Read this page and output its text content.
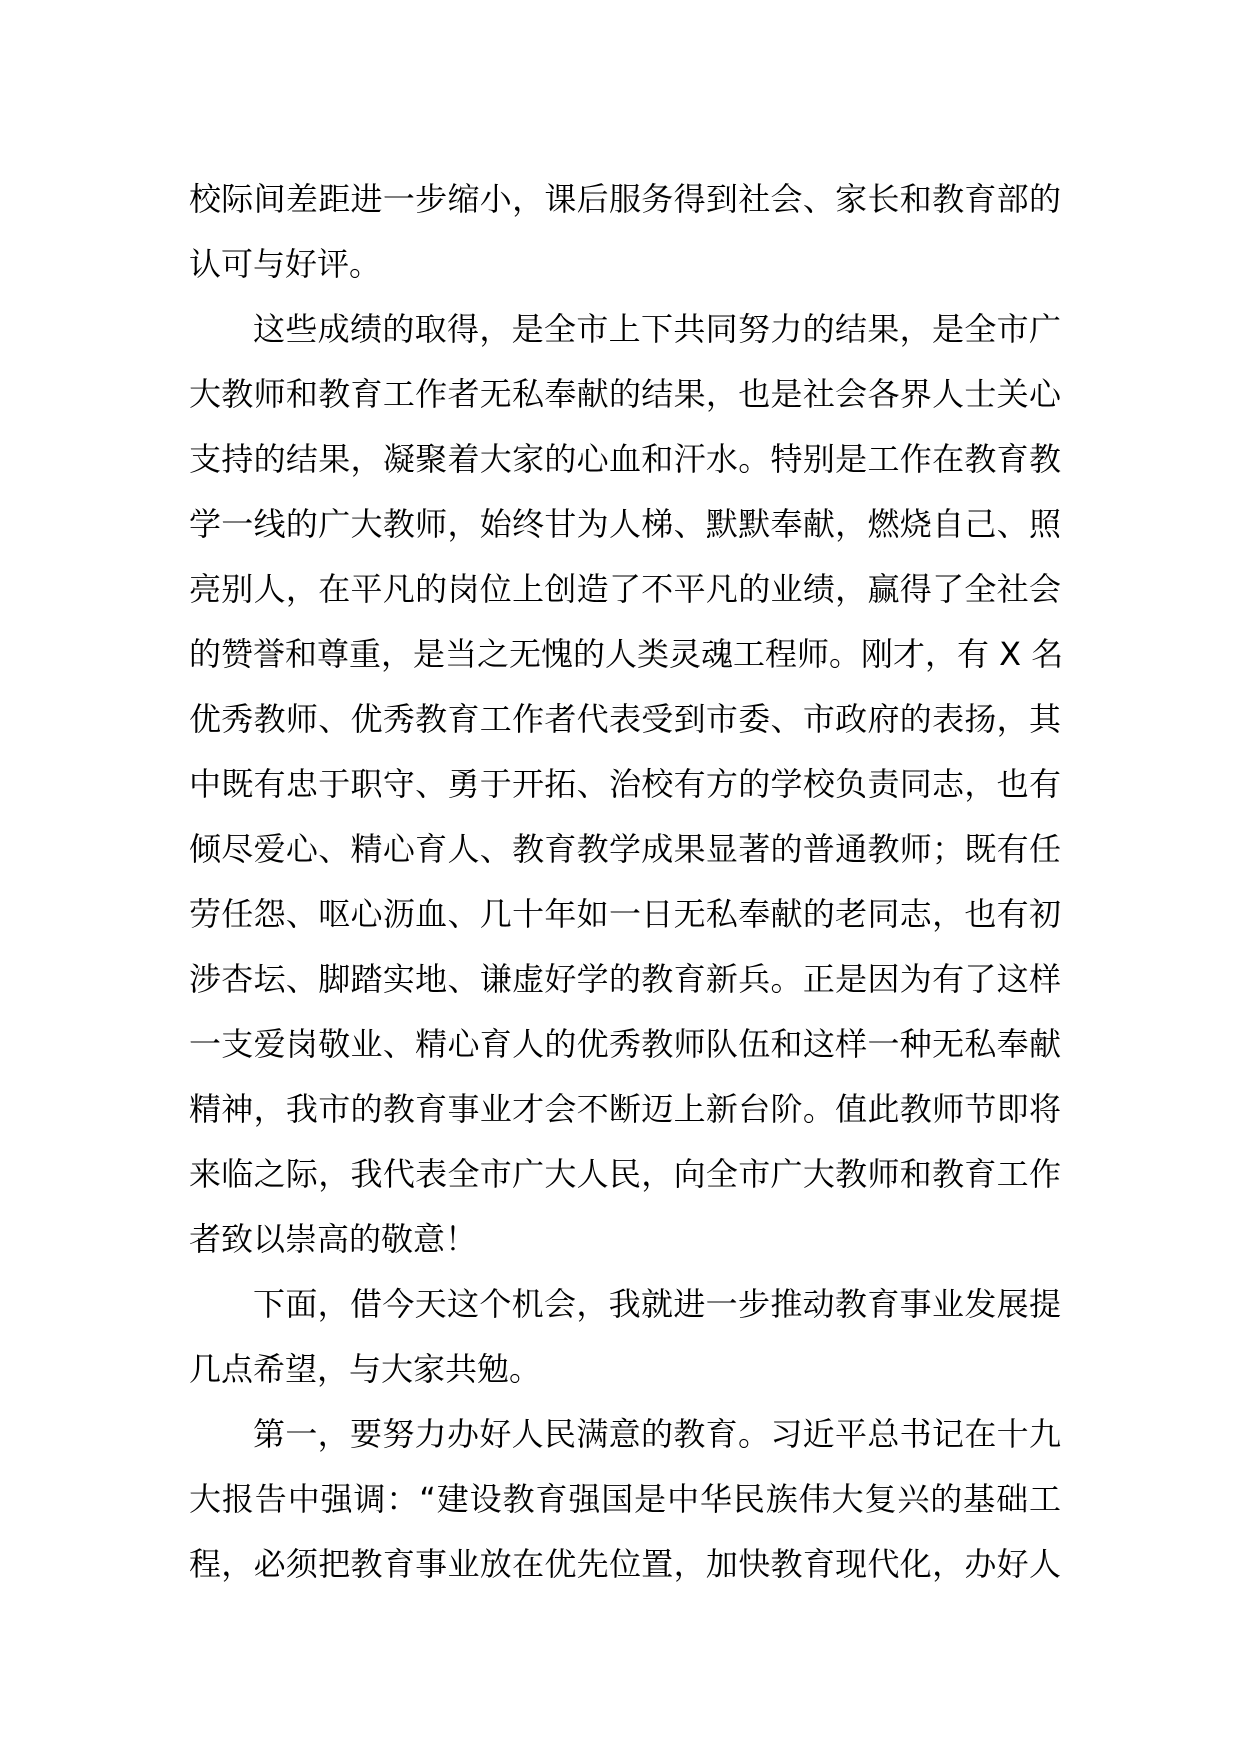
校际间差距进一步缩小，课后服务得到社会、家长和教育部的
认可与好评。
这些成绩的取得，是全市上下共同努力的结果，是全市广
大教师和教育工作者无私奉献的结果，也是社会各界人士关心
支持的结果，凝聚着大家的心血和汗水。特别是工作在教育教
学一线的广大教师，始终甘为人梯、默默奉献，燃烧自己、照
亮别人，在平凡的岗位上创造了不平凡的业绩，赢得了全社会
的赞誉和尊重，是当之无愧的人类灵魂工程师。刚才，有 X 名
优秀教师、优秀教育工作者代表受到市委、市政府的表扬，其
中既有忠于职守、勇于开拓、治校有方的学校负责同志，也有
倾尽爱心、精心育人、教育教学成果显著的普通教师；既有任
劳任怨、呕心沥血、几十年如一日无私奉献的老同志，也有初
涉杏坛、脚踏实地、谦虚好学的教育新兵。正是因为有了这样
一支爱岗敬业、精心育人的优秀教师队伍和这样一种无私奉献
精神，我市的教育事业才会不断迈上新台阶。值此教师节即将
来临之际，我代表全市广大人民，向全市广大教师和教育工作
者致以崇高的敬意！
下面，借今天这个机会，我就进一步推动教育事业发展提
几点希望，与大家共勉。
第一，要努力办好人民满意的教育。习近平总书记在十九
大报告中强调：“建设教育强国是中华民族伟大复兴的基础工
程，必须把教育事业放在优先位置，加快教育现代化，办好人
